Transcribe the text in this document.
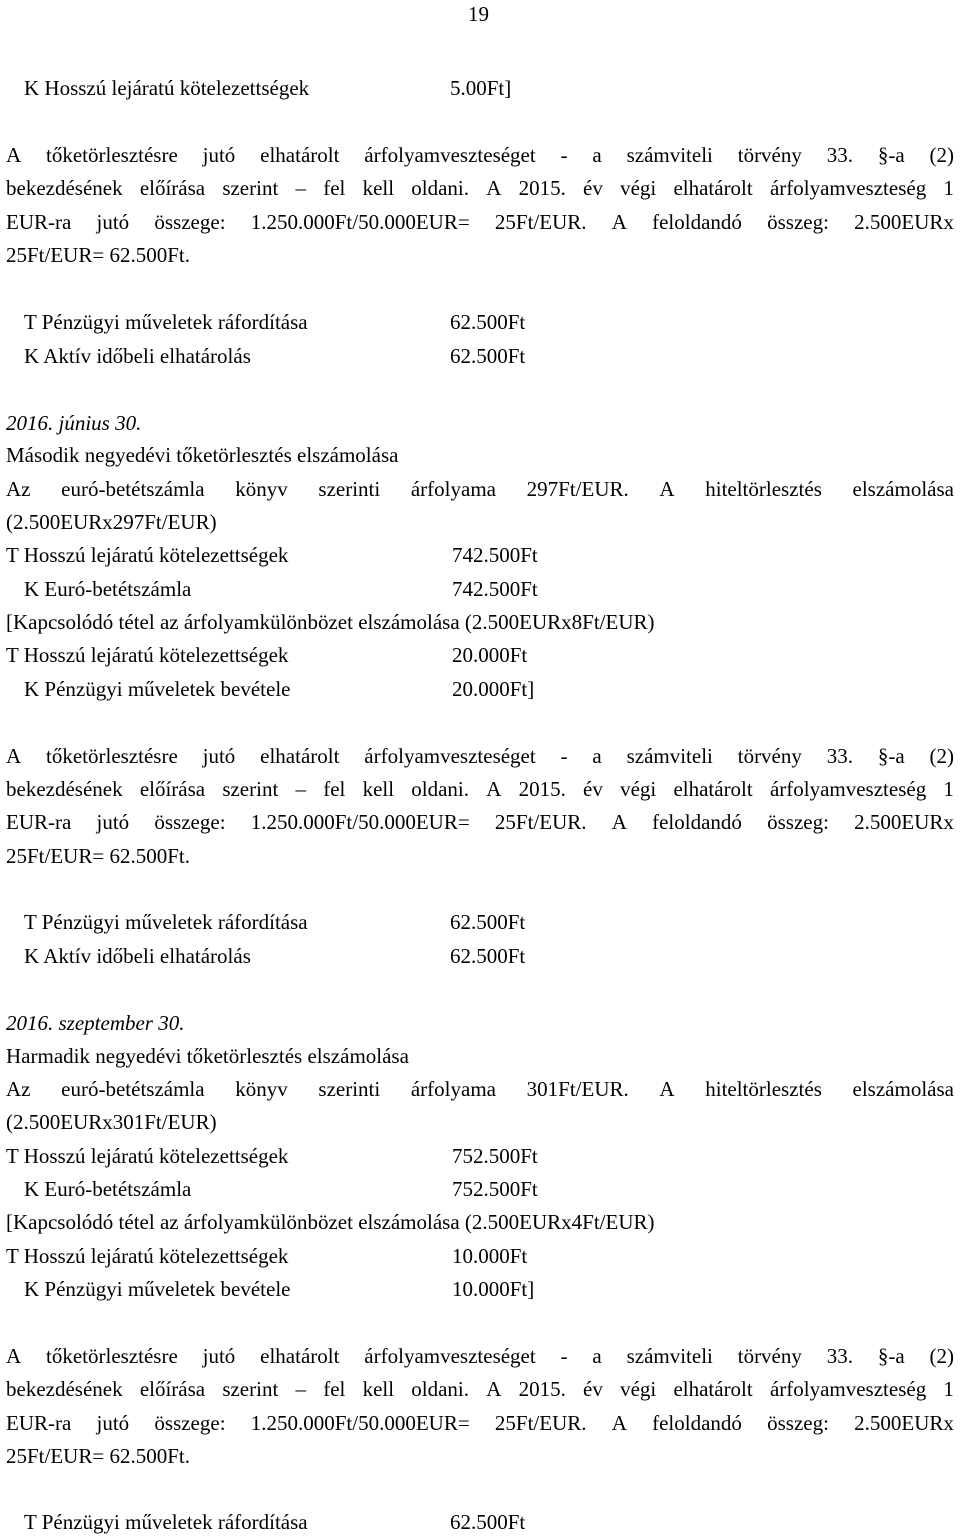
19
K Hosszú lejáratú kötelezettségek	5.00Ft]
A tőketörlesztésre jutó elhatárolt árfolyamveszteséget - a számviteli törvény 33. §-a (2)
bekezdésének előírása szerint – fel kell oldani. A 2015. év végi elhatárolt árfolyamveszteség 1
EUR-ra jutó összege: 1.250.000Ft/50.000EUR= 25Ft/EUR. A feloldandó összeg: 2.500EURx
25Ft/EUR= 62.500Ft.
T Pénzügyi műveletek ráfordítása	62.500Ft
K Aktív időbeli elhatárolás	62.500Ft
2016. június 30.
Második negyedévi tőketörlesztés elszámolása
Az euró-betétszámla könyv szerinti árfolyama 297Ft/EUR. A hiteltörlesztés elszámolása
(2.500EURx297Ft/EUR)
T Hosszú lejáratú kötelezettségek	742.500Ft
K Euró-betétszámla	742.500Ft
[Kapcsolódó tétel az árfolyamkülönbözet elszámolása (2.500EURx8Ft/EUR)
T Hosszú lejáratú kötelezettségek	20.000Ft
K Pénzügyi műveletek bevétele	20.000Ft]
A tőketörlesztésre jutó elhatárolt árfolyamveszteséget - a számviteli törvény 33. §-a (2)
bekezdésének előírása szerint – fel kell oldani. A 2015. év végi elhatárolt árfolyamveszteség 1
EUR-ra jutó összege: 1.250.000Ft/50.000EUR= 25Ft/EUR. A feloldandó összeg: 2.500EURx
25Ft/EUR= 62.500Ft.
T Pénzügyi műveletek ráfordítása	62.500Ft
K Aktív időbeli elhatárolás	62.500Ft
2016. szeptember 30.
Harmadik negyedévi tőketörlesztés elszámolása
Az euró-betétszámla könyv szerinti árfolyama 301Ft/EUR. A hiteltörlesztés elszámolása
(2.500EURx301Ft/EUR)
T Hosszú lejáratú kötelezettségek	752.500Ft
K Euró-betétszámla	752.500Ft
[Kapcsolódó tétel az árfolyamkülönbözet elszámolása (2.500EURx4Ft/EUR)
T Hosszú lejáratú kötelezettségek	10.000Ft
K Pénzügyi műveletek bevétele	10.000Ft]
A tőketörlesztésre jutó elhatárolt árfolyamveszteséget - a számviteli törvény 33. §-a (2)
bekezdésének előírása szerint – fel kell oldani. A 2015. év végi elhatárolt árfolyamveszteség 1
EUR-ra jutó összege: 1.250.000Ft/50.000EUR= 25Ft/EUR. A feloldandó összeg: 2.500EURx
25Ft/EUR= 62.500Ft.
T Pénzügyi műveletek ráfordítása	62.500Ft
